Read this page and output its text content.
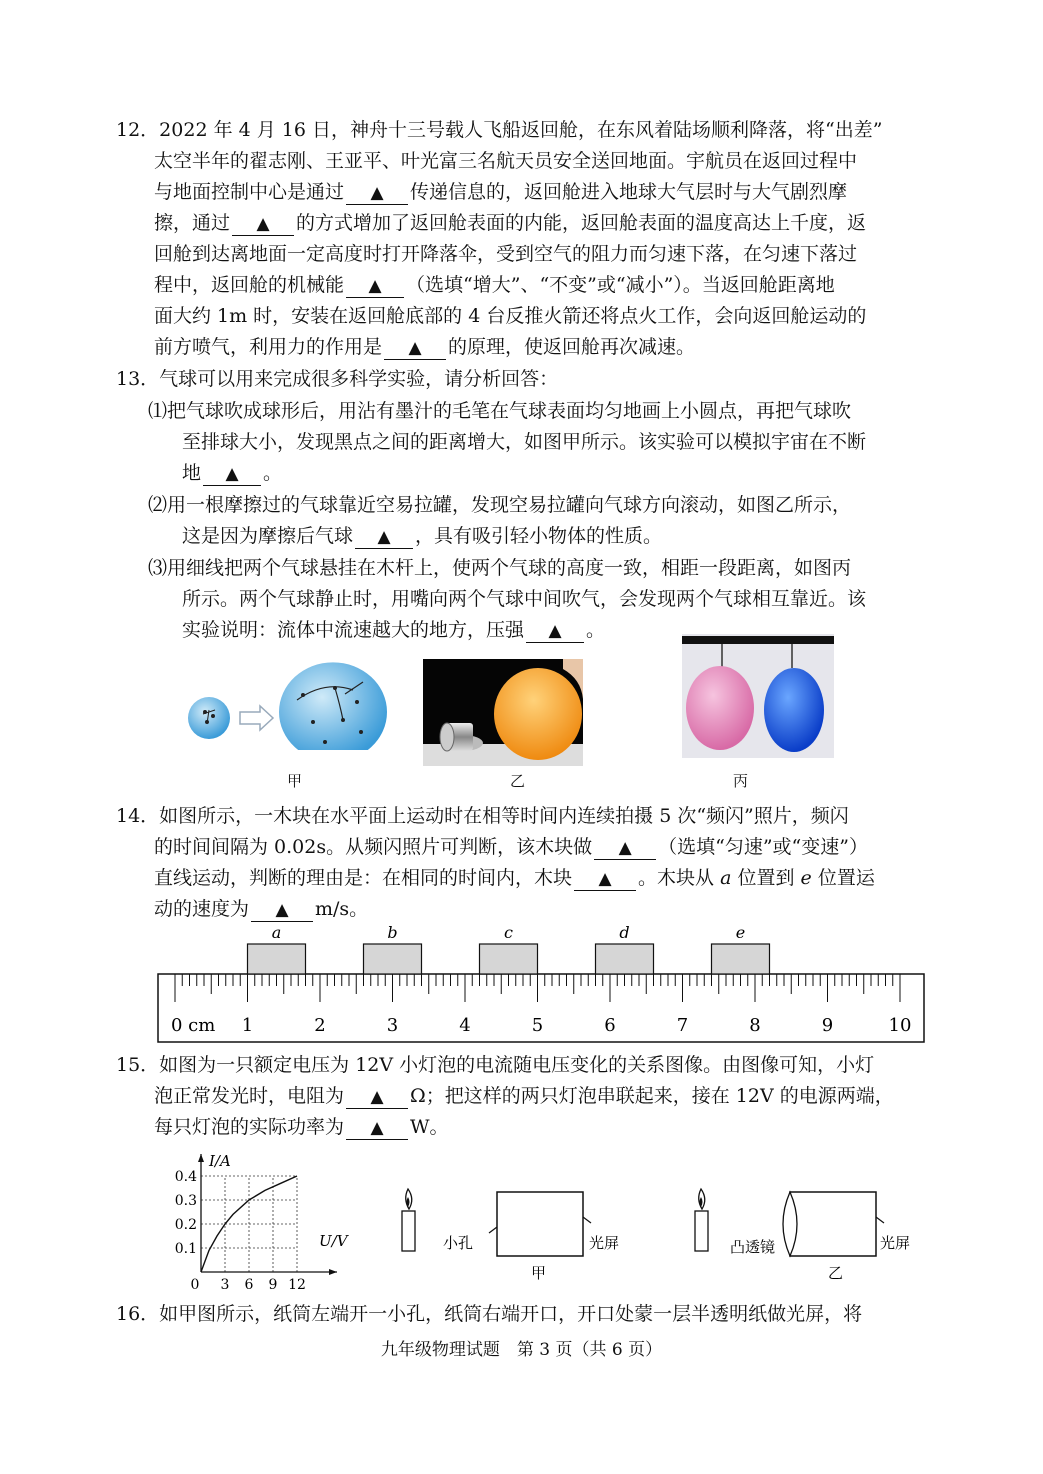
12．2022 年 4 月 16 日，神舟十三号载人飞船返回舱，在东风着陆场顺利降落，将“出差”
太空半年的翟志刚、王亚平、叶光富三名航天员安全送回地面。宇航员在返回过程中
与地面控制中心是通过 ▲ 传递信息的，返回舱进入地球大气层时与大气剧烈摩
擦，通过 ▲ 的方式增加了返回舱表面的内能，返回舱表面的温度高达上千度，返
回舱到达离地面一定高度时打开降落伞，受到空气的阻力而匀速下落，在匀速下落过
程中，返回舱的机械能 ▲ （选填“增大”、“不变”或“减小”）。当返回舱距离地
面大约 1m 时，安装在返回舱底部的 4 台反推火箭还将点火工作，会向返回舱运动的
前方喷气，利用力的作用是 ▲ 的原理，使返回舱再次减速。
13．气球可以用来完成很多科学实验，请分析回答：
⑴把气球吹成球形后，用沾有墨汁的毛笔在气球表面均匀地画上小圆点，再把气球吹
至排球大小，发现黑点之间的距离增大，如图甲所示。该实验可以模拟宇宙在不断
地 ▲ 。
⑵用一根摩擦过的气球靠近空易拉罐，发现空易拉罐向气球方向滚动，如图乙所示，
这是因为摩擦后气球 ▲ ，具有吸引轻小物体的性质。
⑶用细线把两个气球悬挂在木杆上，使两个气球的高度一致，相距一段距离，如图丙
所示。两个气球静止时，用嘴向两个气球中间吹气，会发现两个气球相互靠近。该
实验说明：流体中流速越大的地方，压强 ▲ 。
甲	乙	丙
14．如图所示，一木块在水平面上运动时在相等时间内连续拍摄 5 次“频闪”照片，频闪
的时间间隔为 0.02s。从频闪照片可判断，该木块做 ▲ （选填“匀速”或“变速”）
直线运动，判断的理由是：在相同的时间内，木块 ▲ 。木块从 a 位置到 e 位置运
动的速度为 ▲ m/s。
0 cm 1	2	3	4	5	6	7	8	9	10
a	b	c	d	e
15．如图为一只额定电压为 12V 小灯泡的电流随电压变化的关系图像。由图像可知，小灯
泡正常发光时，电阻为 ▲ Ω；把这样的两只灯泡串联起来，接在 12V 的电源两端，
每只灯泡的实际功率为 ▲ W。
0 3 6 9 12
0.1
0.2
0.3
0.4
I/A
U/V	小孔	光屏
甲
凸透镜	光屏
乙
16．如甲图所示，纸筒左端开一小孔，纸筒右端开口，开口处蒙一层半透明纸做光屏，将
九年级物理试题　第 3 页（共 6 页）
